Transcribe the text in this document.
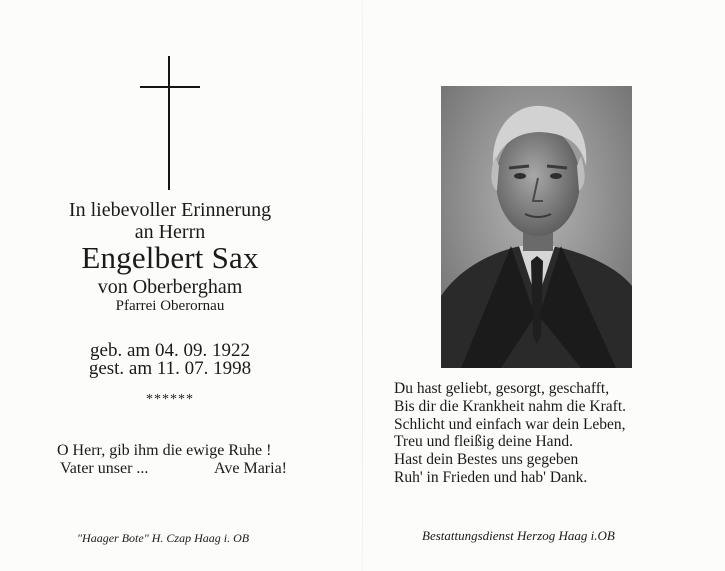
In liebevoller Erinnerung
an Herrn
Engelbert Sax
von Oberbergham
Pfarrei Oberornau
geb. am 04. 09. 1922
gest. am 11. 07. 1998
******
O Herr, gib ihm die ewige Ruhe !
Vater unser ...	Ave Maria!
"Haager Bote" H. Czap Haag i. OB
Du hast geliebt, gesorgt, geschafft,
Bis dir die Krankheit nahm die Kraft.
Schlicht und einfach war dein Leben,
Treu und fleißig deine Hand.
Hast dein Bestes uns gegeben
Ruh' in Frieden und hab' Dank.
Bestattungsdienst Herzog Haag i.OB
